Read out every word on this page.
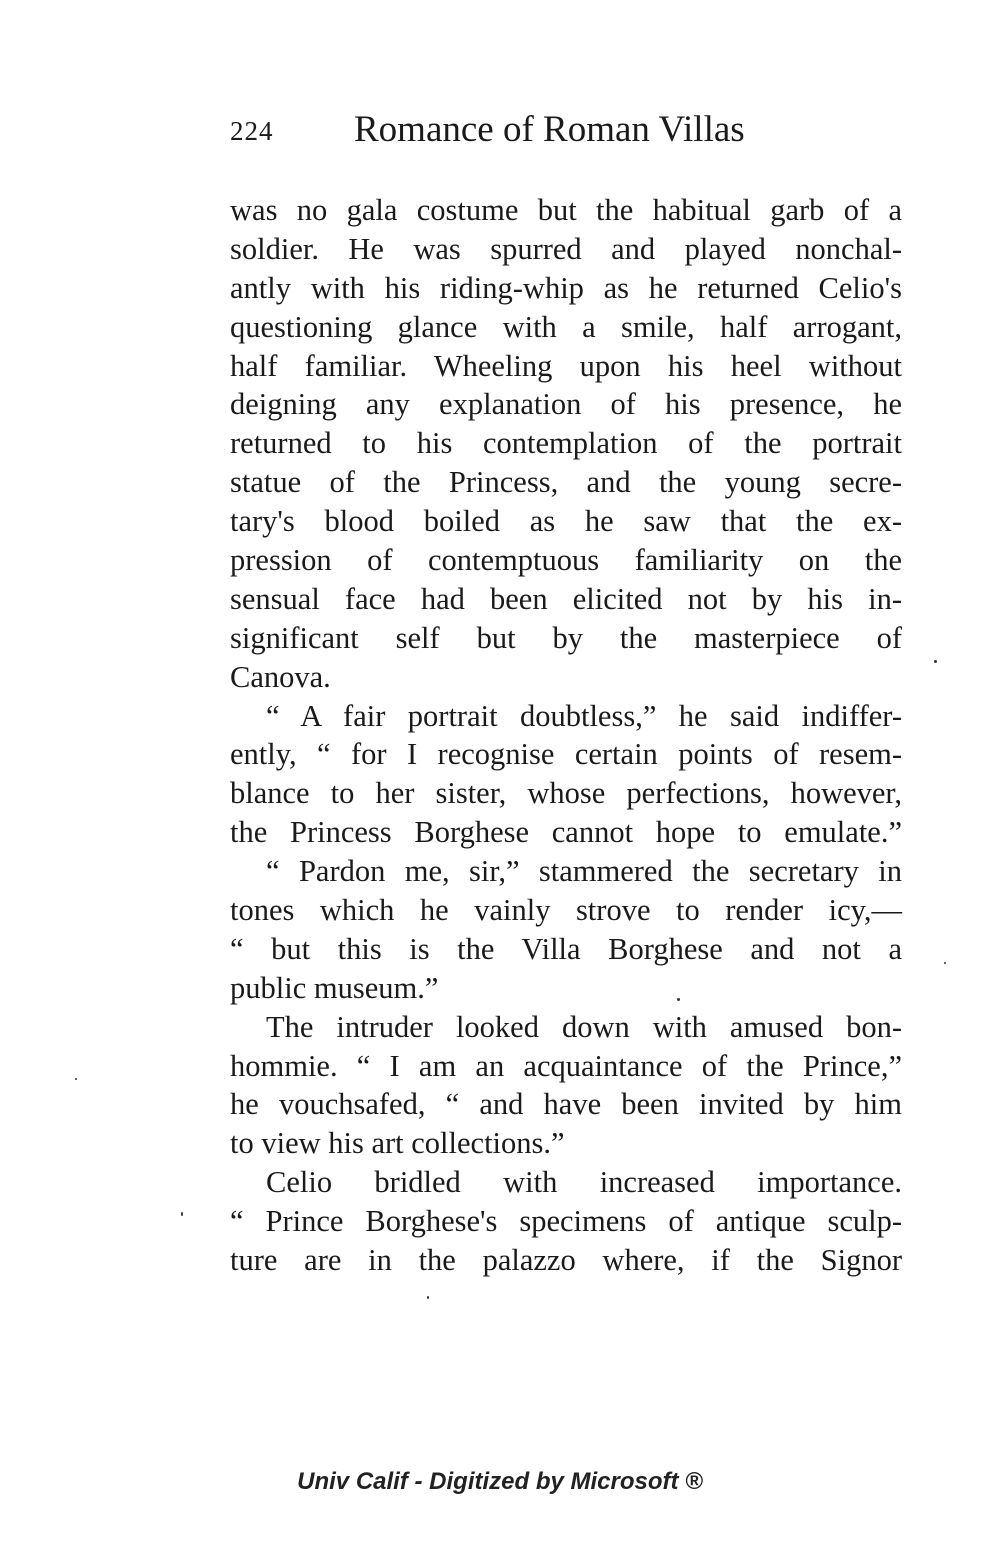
224 Romance of Roman Villas
was no gala costume but the habitual garb of a
soldier. He was spurred and played nonchal-
antly with his riding-whip as he returned Celio's
questioning glance with a smile, half arrogant,
half familiar. Wheeling upon his heel without
deigning any explanation of his presence, he
returned to his contemplation of the portrait
statue of the Princess, and the young secre-
tary's blood boiled as he saw that the ex-
pression of contemptuous familiarity on the
sensual face had been elicited not by his in-
significant self but by the masterpiece of
Canova.
“ A fair portrait doubtless,” he said indiffer-
ently, “ for I recognise certain points of resem-
blance to her sister, whose perfections, however,
the Princess Borghese cannot hope to emulate.”
“ Pardon me, sir,” stammered the secretary in
tones which he vainly strove to render icy,—
“ but this is the Villa Borghese and not a
public museum.”
The intruder looked down with amused bon-
hommie. “ I am an acquaintance of the Prince,”
he vouchsafed, “ and have been invited by him
to view his art collections.”
Celio bridled with increased importance.
“ Prince Borghese's specimens of antique sculp-
ture are in the palazzo where, if the Signor
Univ Calif - Digitized by Microsoft ®
